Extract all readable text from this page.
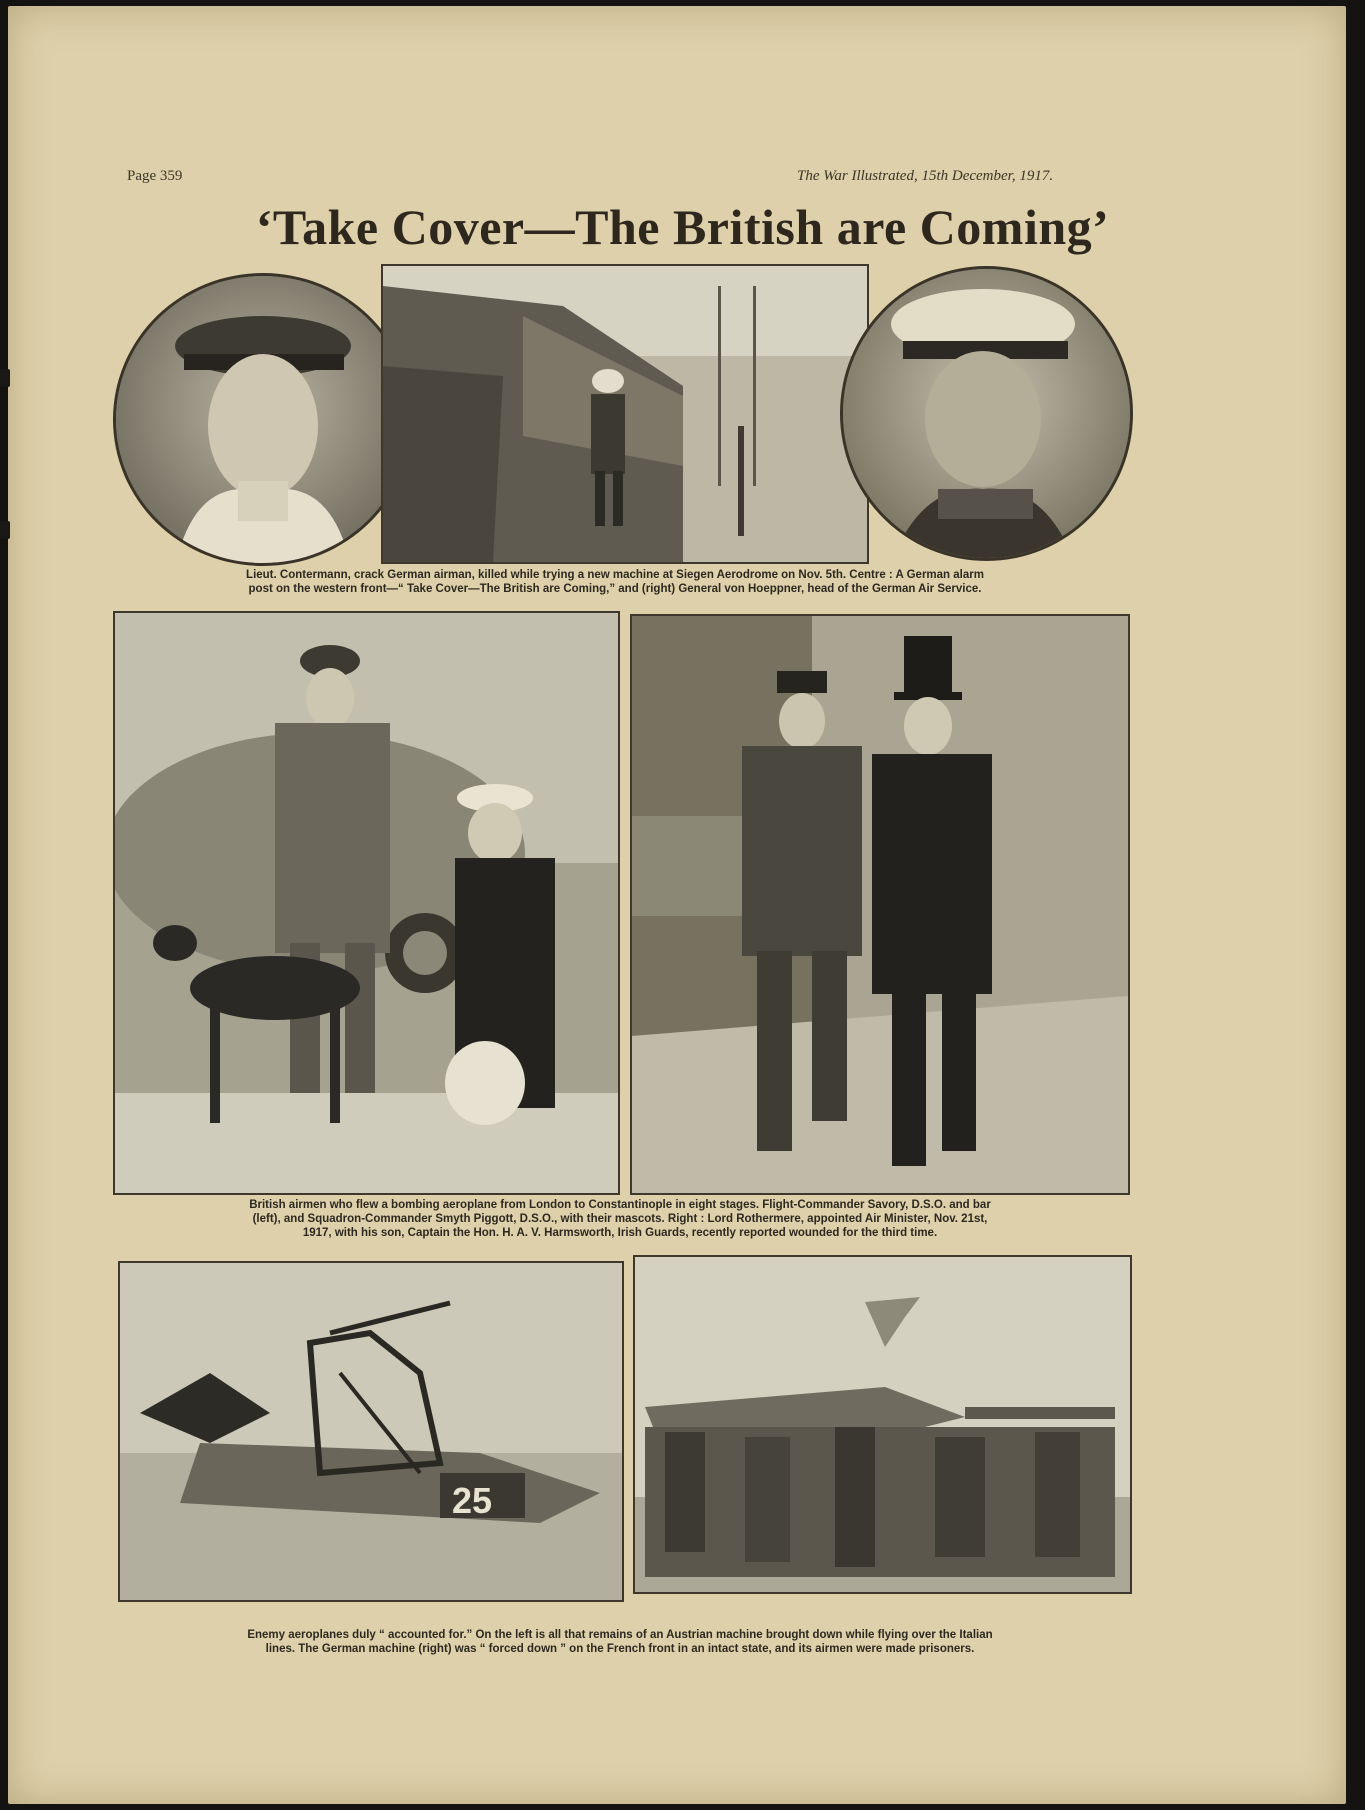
Page 359	The War Illustrated, 15th December, 1917.
‘Take Cover—The British are Coming’

Lieut. Contermann, crack German airman, killed while trying a new machine at Siegen Aerodrome on Nov. 5th. Centre : A German alarm
post on the western front—“ Take Cover—The British are Coming,” and (right) General von Hoeppner, head of the German Air Service.

British airmen who flew a bombing aeroplane from London to Constantinople in eight stages. Flight-Commander Savory, D.S.O. and bar
(left), and Squadron-Commander Smyth Piggott, D.S.O., with their mascots. Right : Lord Rothermere, appointed Air Minister, Nov. 21st,
1917, with his son, Captain the Hon. H. A. V. Harmsworth, Irish Guards, recently reported wounded for the third time.

25

Enemy aeroplanes duly “ accounted for.” On the left is all that remains of an Austrian machine brought down while flying over the Italian
lines. The German machine (right) was “ forced down ” on the French front in an intact state, and its airmen were made prisoners.
